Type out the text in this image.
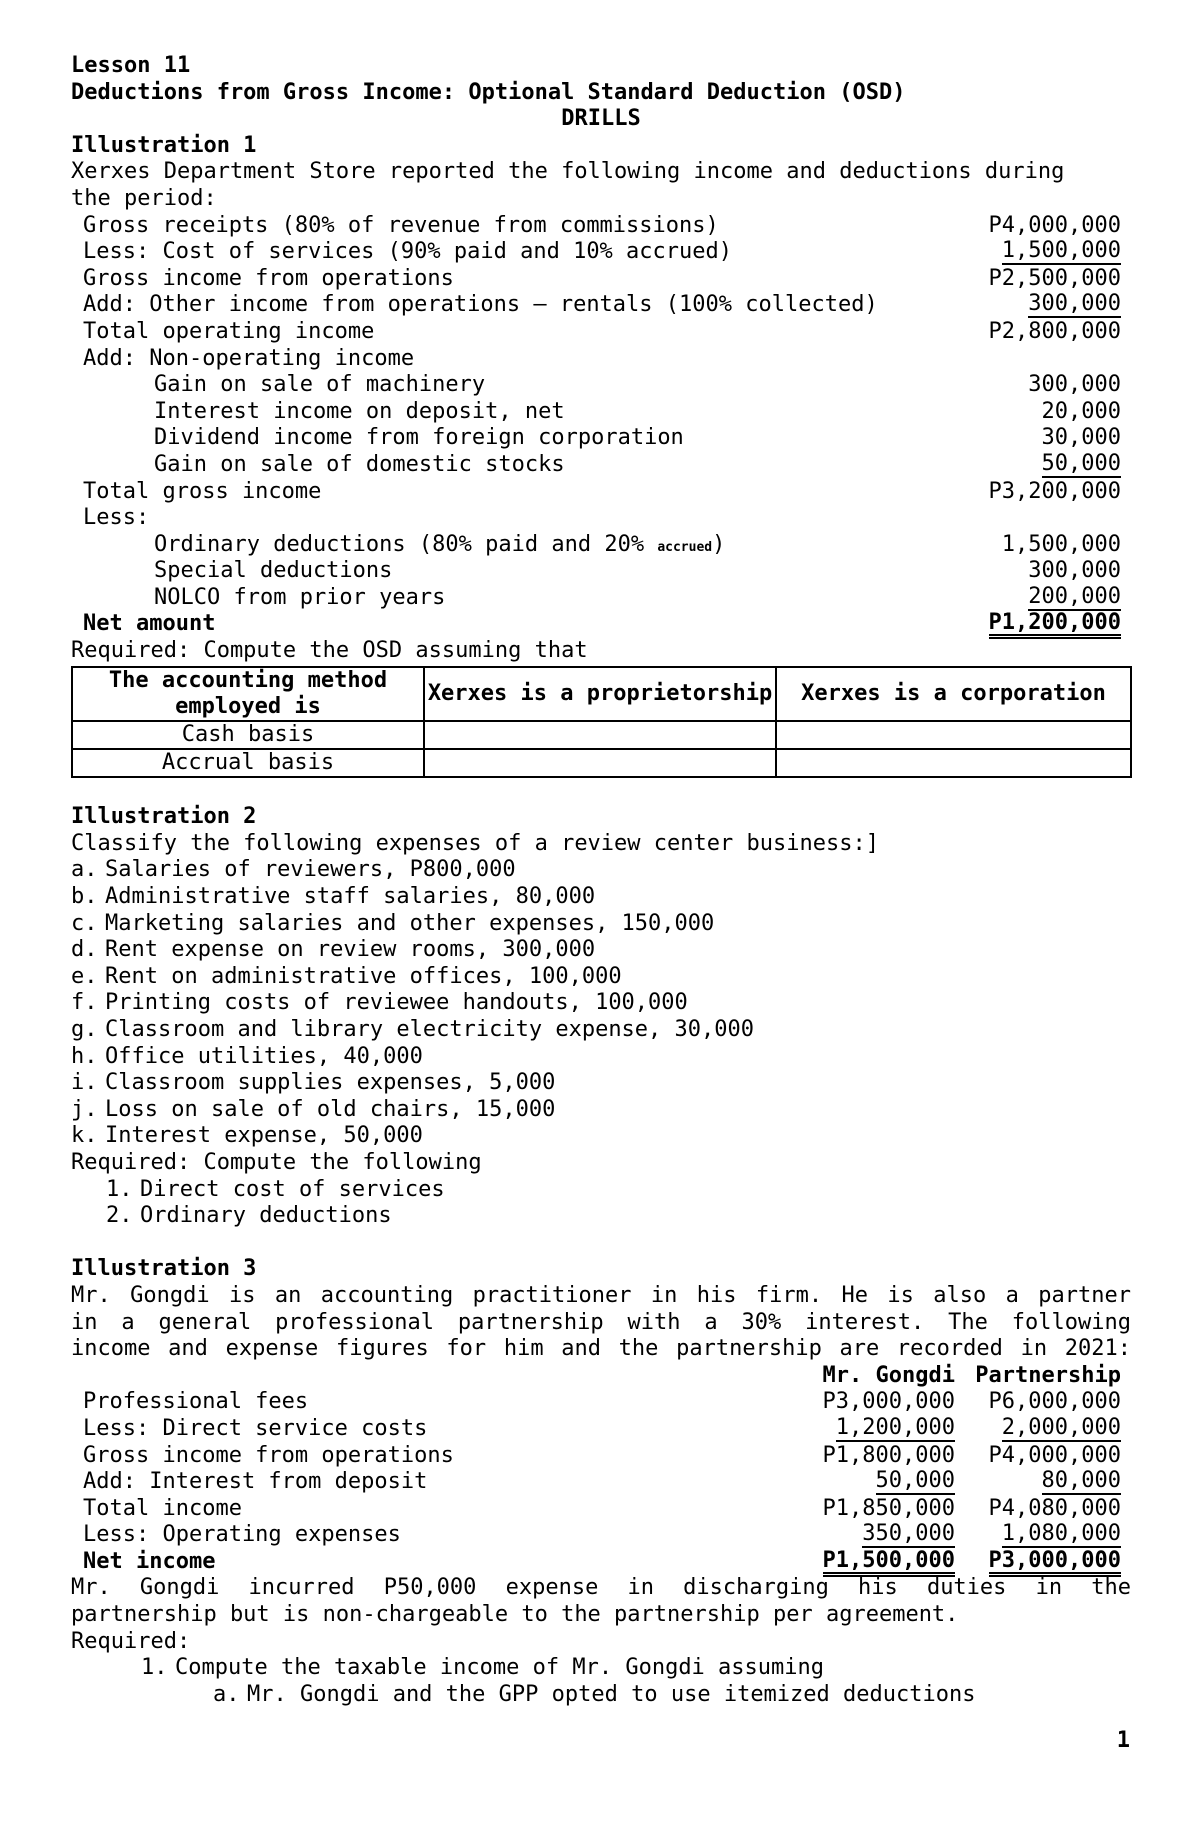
Lesson 11
Deductions from Gross Income: Optional Standard Deduction (OSD)
DRILLS
Illustration 1
Xerxes Department Store reported the following income and deductions during
the period:
Gross receipts (80% of revenue from commissions)	P4,000,000
Less: Cost of services (90% paid and 10% accrued)	1,500,000
Gross income from operations	P2,500,000
Add: Other income from operations – rentals (100% collected)	300,000
Total operating income	P2,800,000
Add: Non-operating income
Gain on sale of machinery	300,000
Interest income on deposit, net	20,000
Dividend income from foreign corporation	30,000
Gain on sale of domestic stocks	50,000
Total gross income	P3,200,000
Less:
Ordinary deductions (80% paid and 20% accrued)	1,500,000
Special deductions	300,000
NOLCO from prior years	200,000
Net amount	P1,200,000
Required: Compute the OSD assuming that
The accounting method employed is	Xerxes is a proprietorship	Xerxes is a corporation
Cash basis		
Accrual basis		
Illustration 2
Classify the following expenses of a review center business:]
a. Salaries of reviewers, P800,000
b. Administrative staff salaries, 80,000
c. Marketing salaries and other expenses, 150,000
d. Rent expense on review rooms, 300,000
e. Rent on administrative offices, 100,000
f. Printing costs of reviewee handouts, 100,000
g. Classroom and library electricity expense, 30,000
h. Office utilities, 40,000
i. Classroom supplies expenses, 5,000
j. Loss on sale of old chairs, 15,000
k. Interest expense, 50,000
Required: Compute the following
1. Direct cost of services
2. Ordinary deductions
Illustration 3
Mr. Gongdi is an accounting practitioner in his firm. He is also a partner
in a general professional partnership with a 30% interest. The following
income and expense figures for him and the partnership are recorded in 2021:
Mr. Gongdi Partnership
Professional fees	P3,000,000 P6,000,000
Less: Direct service costs	1,200,000 2,000,000
Gross income from operations	P1,800,000 P4,000,000
Add: Interest from deposit	50,000	80,000
Total income	P1,850,000 P4,080,000
Less: Operating expenses	350,000 1,080,000
Net income	P1,500,000 P3,000,000
Mr. Gongdi incurred P50,000 expense in discharging his duties in the
partnership but is non-chargeable to the partnership per agreement.
Required:
1. Compute the taxable income of Mr. Gongdi assuming
a. Mr. Gongdi and the GPP opted to use itemized deductions
1
